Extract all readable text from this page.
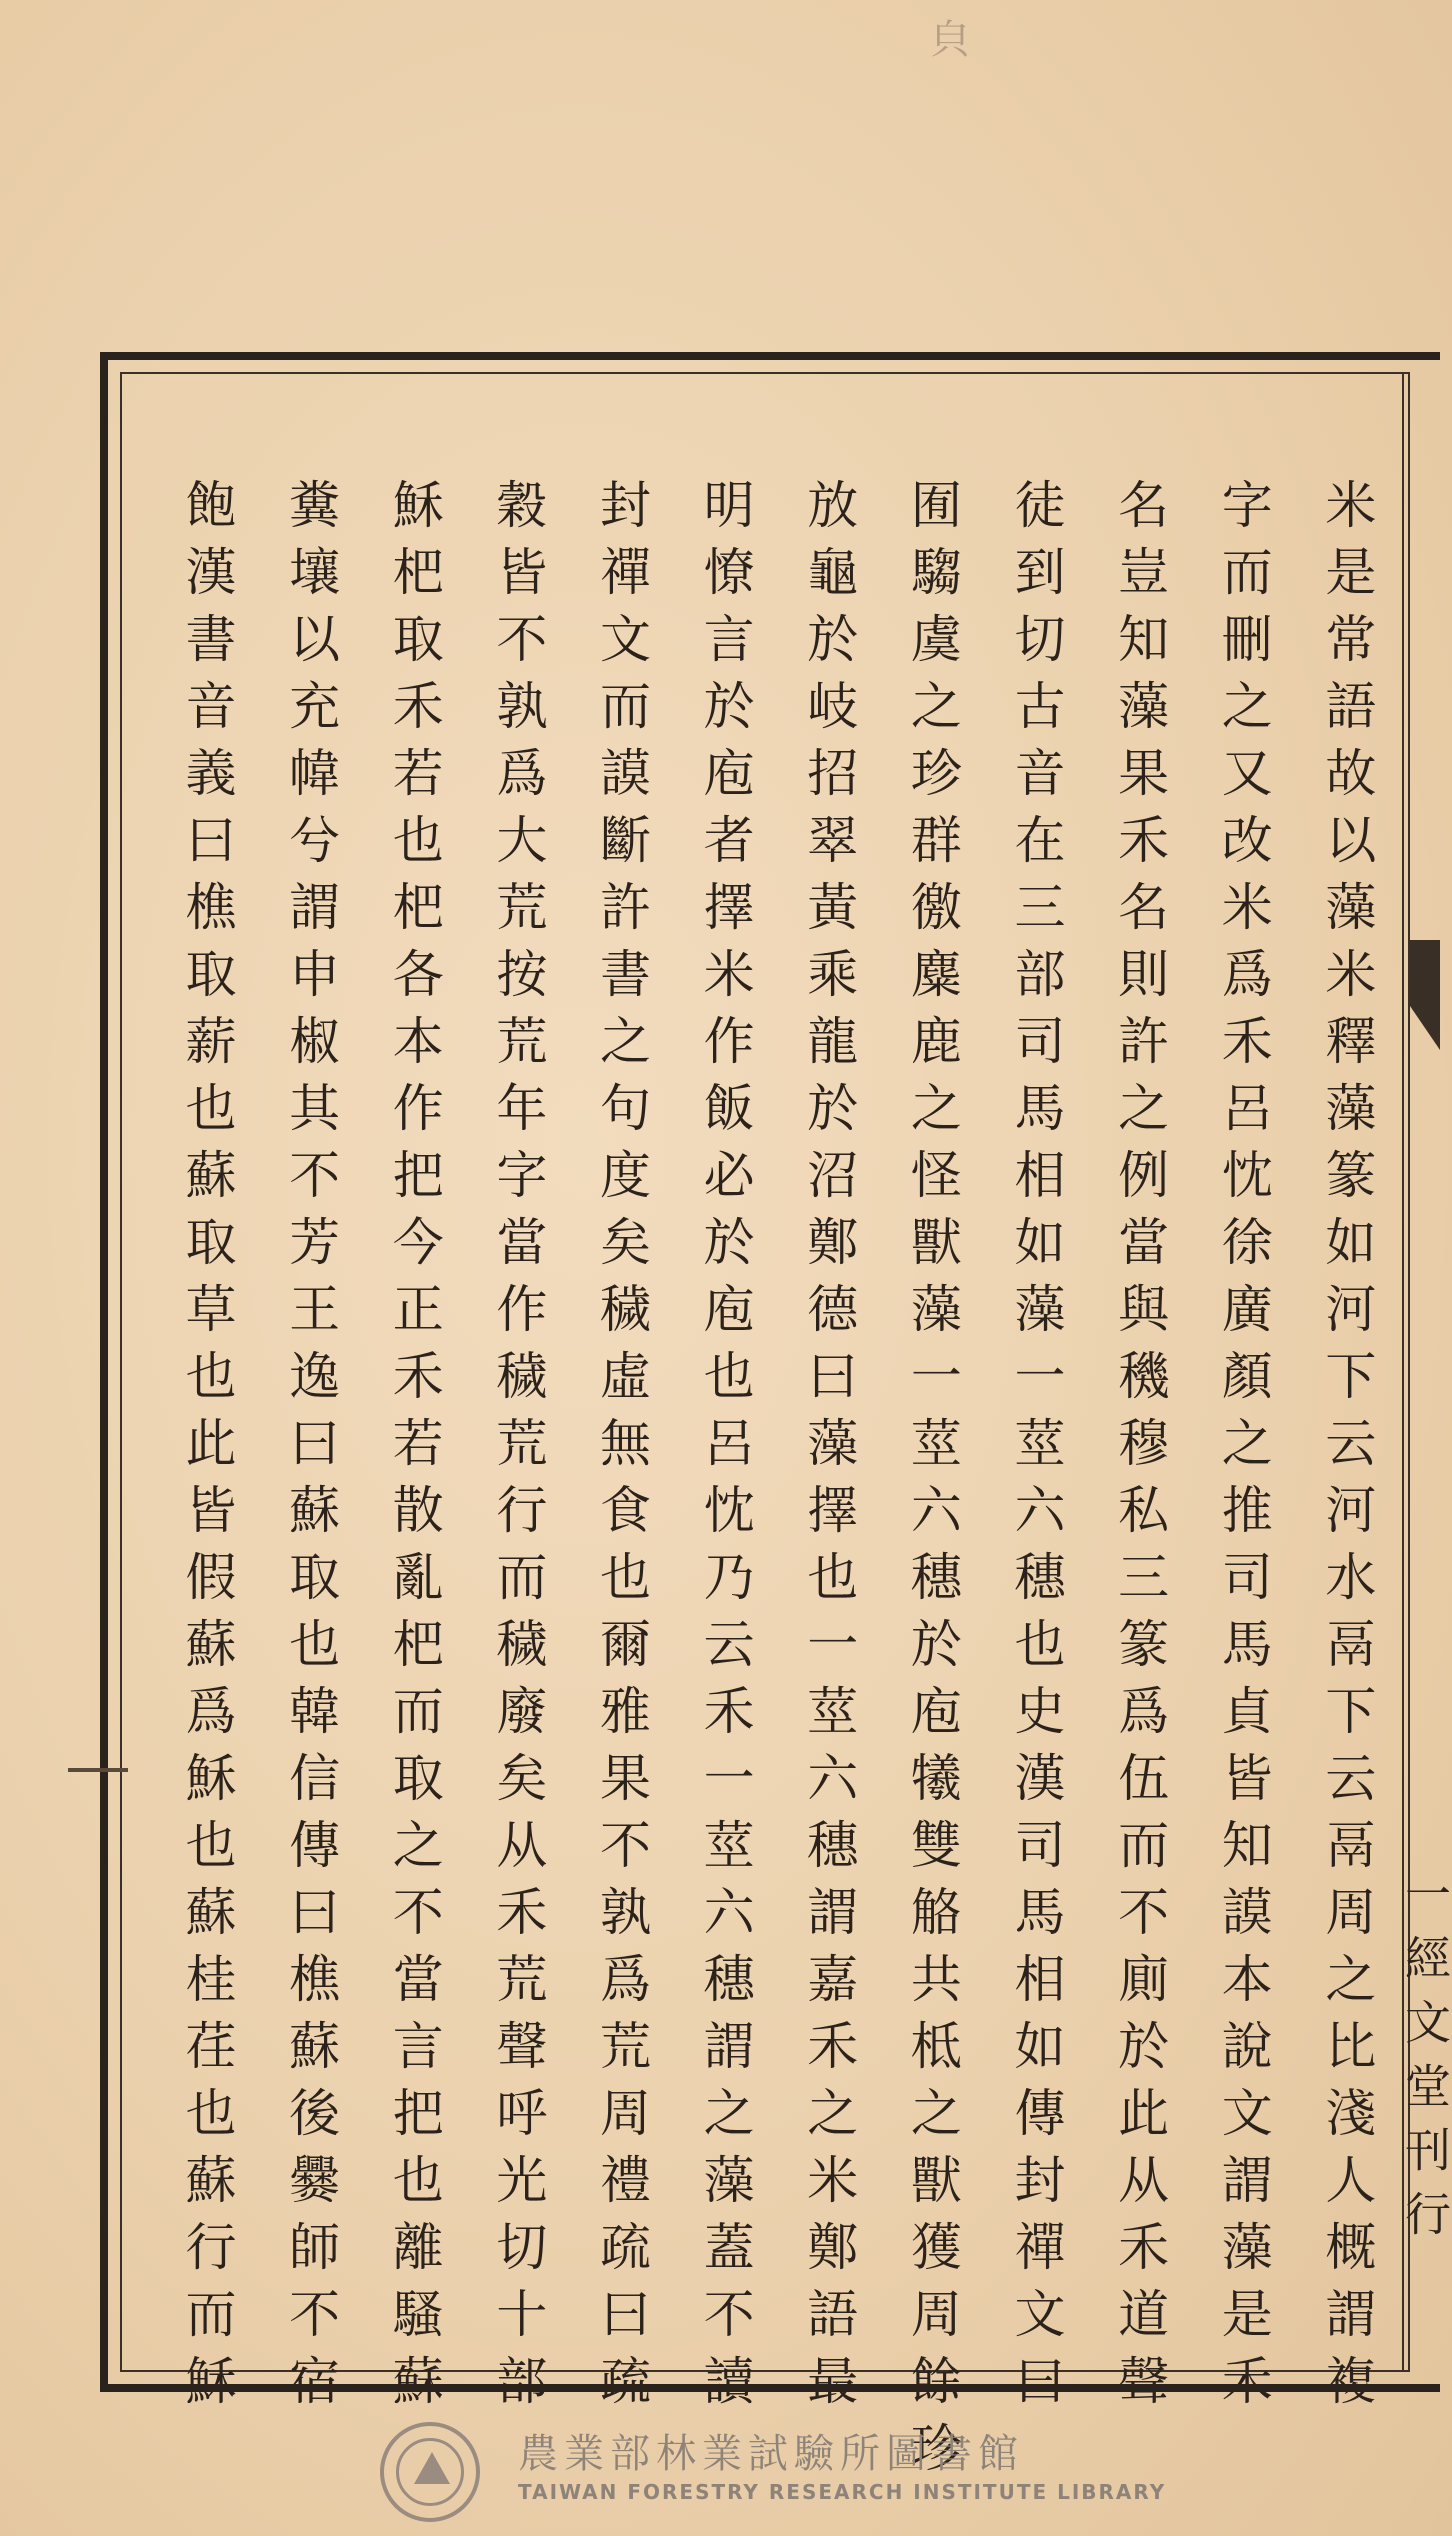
㒵
一經文堂刊行
米是常語故以藻米釋藻篆如河下云河水鬲下云鬲周之比淺人概謂複
字而刪之又改米爲禾呂忱徐廣顏之推司馬貞皆知謨本說文謂藻是禾
名豈知藻果禾名則許之例當與穖穆私三篆爲伍而不廁於此从禾道聲
徒到切古音在三部司馬相如藻一莖六穗也史漢司馬相如傳封禪文曰
囿騶虞之珍群徼麋鹿之怪獸藻一莖六穗於庖犧雙觡共柢之獸獲周餘珍
放龜於岐招翠黃乘龍於沼鄭德曰藻擇也一莖六穗謂嘉禾之米鄭語最
明憭言於庖者擇米作飯必於庖也呂忱乃云禾一莖六穗謂之藻蓋不讀
封禪文而謨斷許書之句度矣穢虛無食也爾雅果不孰爲荒周禮疏曰疏
穀皆不孰爲大荒按荒年字當作穢荒行而穢廢矣从禾荒聲呼光切十部
穌杷取禾若也杷各本作把今正禾若散亂杷而取之不當言把也離騷蘇
糞壤以充幃兮謂申椒其不芳王逸曰蘇取也韓信傳曰樵蘇後爨師不宿
飽漢書音義曰樵取薪也蘇取草也此皆假蘇爲穌也蘇桂荏也蘇行而穌
農業部林業試驗所圖書館
TAIWAN FORESTRY RESEARCH INSTITUTE LIBRARY
